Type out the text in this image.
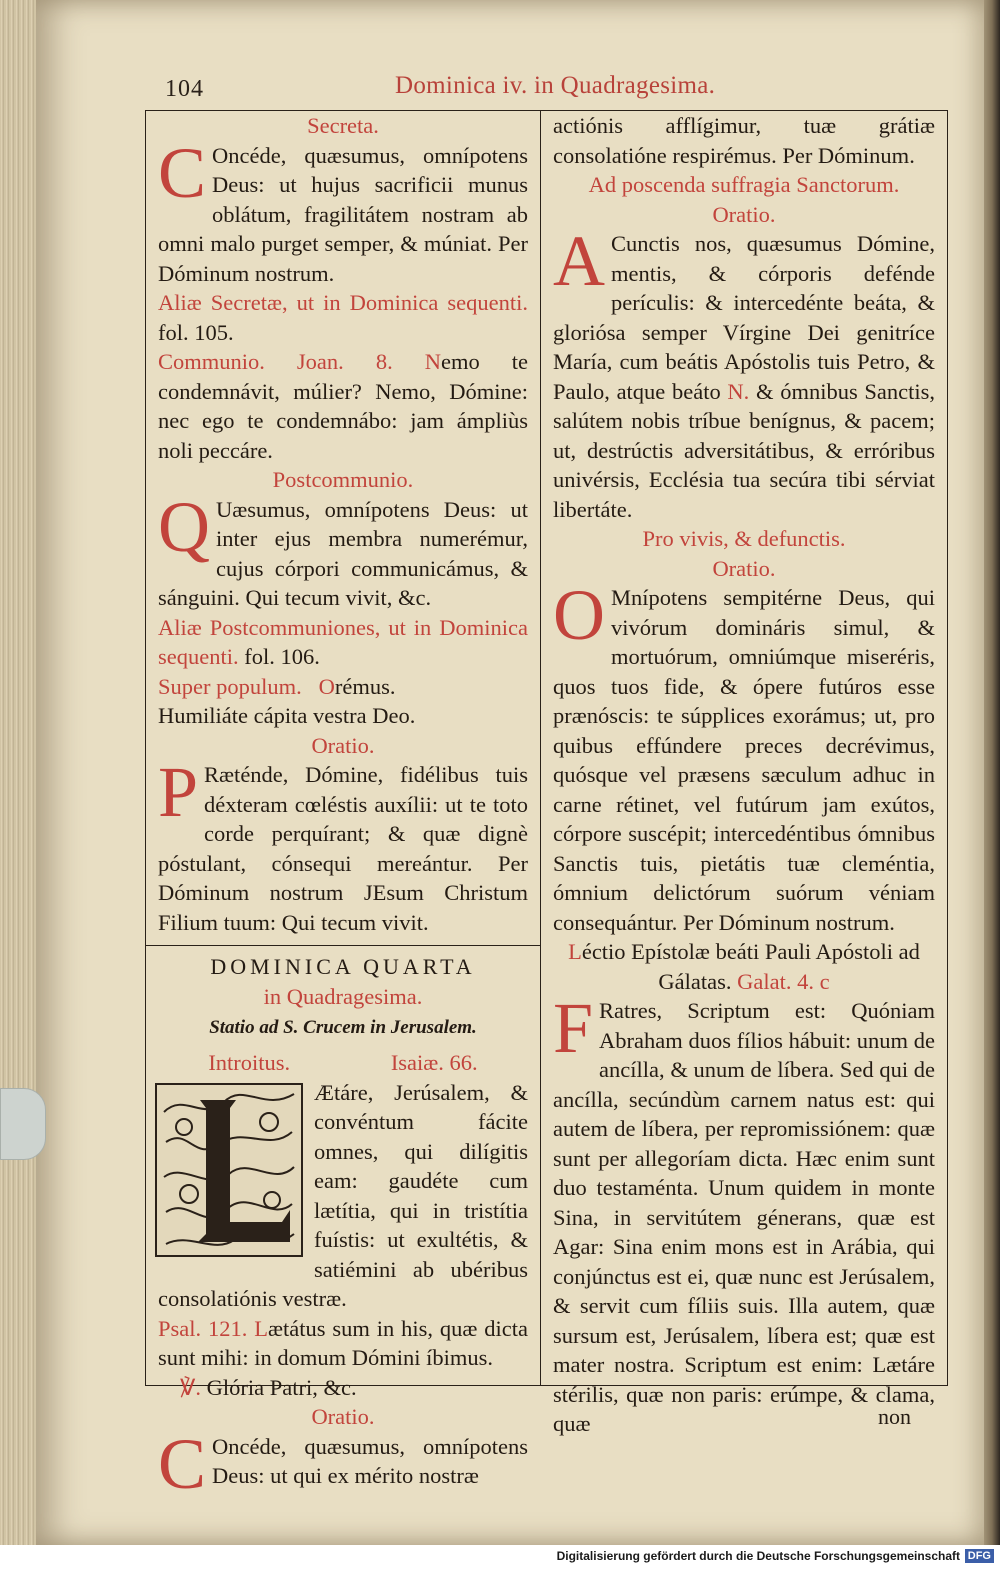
104	Dominica iv. in Quadragesima.

Secreta.

C Oncéde, quæsumus, omnípotens Deus: ut hujus sacrificii munus oblátum, fragilitátem nostram ab omni malo purget semper, & múniat. Per Dóminum nostrum.

Aliæ Secretæ, ut in Dominica sequenti. fol. 105.

Communio. Joan. 8. Nemo te condemnávit, múlier? Nemo, Dómine: nec ego te condemnábo: jam ámpliùs noli peccáre.

Postcommunio.

Q Uæsumus, omnípotens Deus: ut inter ejus membra numerémur, cujus córpori communicámus, & sánguini. Qui tecum vivit, &c.

Aliæ Postcommuniones, ut in Dominica sequenti. fol. 106.

Super populum. Orémus.

Humiliáte cápita vestra Deo.

Oratio.

P Ræténde, Dómine, fidélibus tuis déxteram cœléstis auxílii: ut te toto corde perquírant; & quæ dignè póstulant, cónsequi mereántur. Per Dóminum nostrum JEsum Christum Filium tuum: Qui tecum vivit.

DOMINICA QUARTA

in Quadragesima.

Statio ad S. Crucem in Jerusalem.

Introitus.	Isaiæ. 66.

Ætáre, Jerúsalem, & convéntum fácite omnes, qui dilígitis eam: gaudéte cum lætítia, qui in tristítia fuístis: ut exultétis, & satiémini ab ubéribus consolatiónis vestræ.

Psal. 121. Lætátus sum in his, quæ dicta sunt mihi: in domum Dómini íbimus.

℣. Glória Patri, &c.

Oratio.

C Oncéde, quæsumus, omnípotens Deus: ut qui ex mérito nostræ

actiónis afflígimur, tuæ grátiæ consolatióne respirémus. Per Dóminum.

Ad poscenda suffragia Sanctorum.

Oratio.

A Cunctis nos, quæsumus Dómine, mentis, & córporis defénde perículis: & intercedénte beáta, & gloriósa semper Vírgine Dei genitríce María, cum beátis Apóstolis tuis Petro, & Paulo, atque beáto N. & ómnibus Sanctis, salútem nobis tríbue benígnus, & pacem; ut, destrúctis adversitátibus, & erróribus univérsis, Ecclésia tua secúra tibi sérviat libertáte.

Pro vivis, & defunctis.

Oratio.

O Mnípotens sempitérne Deus, qui vivórum domináris simul, & mortuórum, omniúmque miseréris, quos tuos fide, & ópere futúros esse prænóscis: te súpplices exorámus; ut, pro quibus effúndere preces decrévimus, quósque vel præsens sæculum adhuc in carne rétinet, vel futúrum jam exútos, córpore suscépit; intercedéntibus ómnibus Sanctis tuis, pietátis tuæ cleméntia, ómnium delictórum suórum véniam consequántur. Per Dóminum nostrum.

Léctio Epístolæ beáti Pauli Apóstoli ad Gálatas. Galat. 4. c

F Ratres, Scriptum est: Quóniam Abraham duos fílios hábuit: unum de ancílla, & unum de líbera. Sed qui de ancílla, secúndùm carnem natus est: qui autem de líbera, per repromissiónem: quæ sunt per allegoríam dicta. Hæc enim sunt duo testaménta. Unum quidem in monte Sina, in servitútem génerans, quæ est Agar: Sina enim mons est in Arábia, qui conjúnctus est ei, quæ nunc est Jerúsalem, & servit cum fíliis suis. Illa autem, quæ sursum est, Jerúsalem, líbera est; quæ est mater nostra. Scriptum est enim: Lætáre stérilis, quæ non paris: erúmpe, & clama, quæ	non
Digitalisierung gefördert durch die Deutsche Forschungsgemeinschaft DFG
